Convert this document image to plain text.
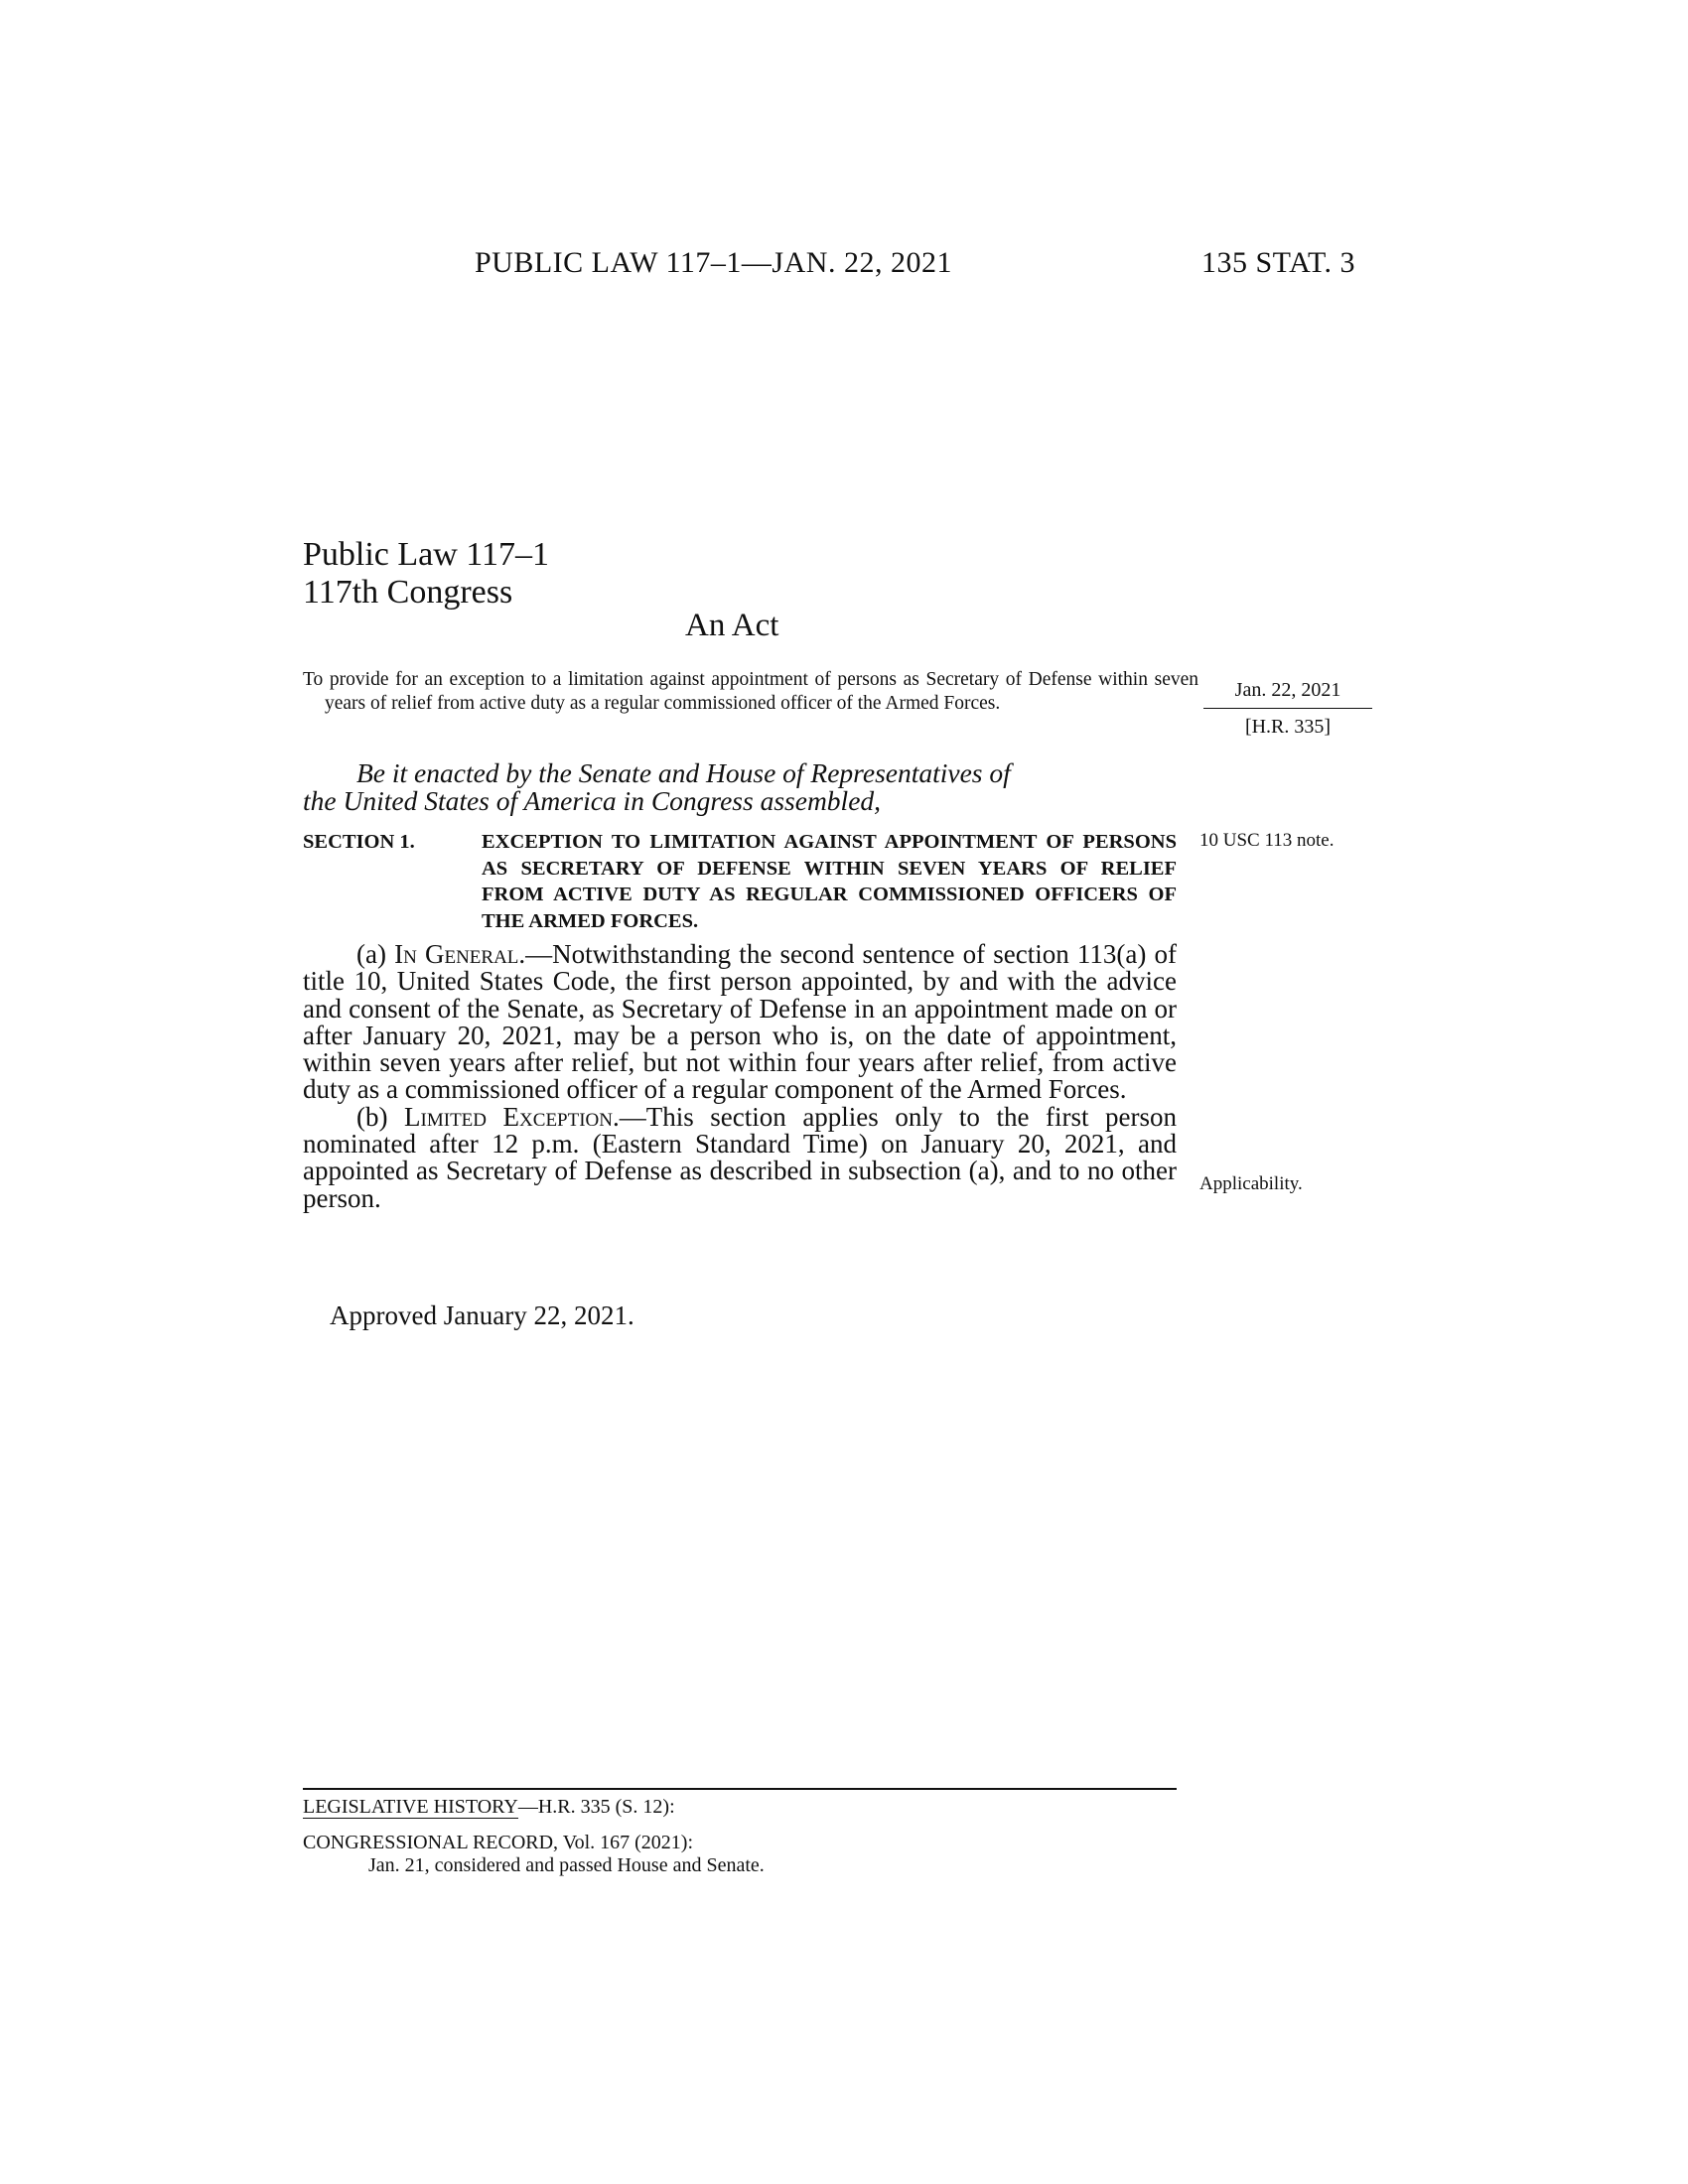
PUBLIC LAW 117–1—JAN. 22, 2021	135 STAT. 3
Public Law 117–1
117th Congress
An Act
To provide for an exception to a limitation against appointment of persons as Secretary of Defense within seven years of relief from active duty as a regular commissioned officer of the Armed Forces.
Jan. 22, 2021
[H.R. 335]
Be it enacted by the Senate and House of Representatives of
the United States of America in Congress assembled,
SECTION 1.	EXCEPTION TO LIMITATION AGAINST APPOINTMENT OF PERSONS AS SECRETARY OF DEFENSE WITHIN SEVEN YEARS OF RELIEF FROM ACTIVE DUTY AS REGULAR COMMISSIONED OFFICERS OF THE ARMED FORCES.
10 USC 113 note.

(a) In General.—Notwithstanding the second sentence of section 113(a) of title 10, United States Code, the first person appointed, by and with the advice and consent of the Senate, as Secretary of Defense in an appointment made on or after January 20, 2021, may be a person who is, on the date of appointment, within seven years after relief, but not within four years after relief, from active duty as a commissioned officer of a regular component of the Armed Forces.

(b) Limited Exception.—This section applies only to the first person nominated after 12 p.m. (Eastern Standard Time) on January 20, 2021, and appointed as Secretary of Defense as described in subsection (a), and to no other person.	Applicability.
Approved January 22, 2021.
LEGISLATIVE HISTORY—H.R. 335 (S. 12):
CONGRESSIONAL RECORD, Vol. 167 (2021):
Jan. 21, considered and passed House and Senate.
